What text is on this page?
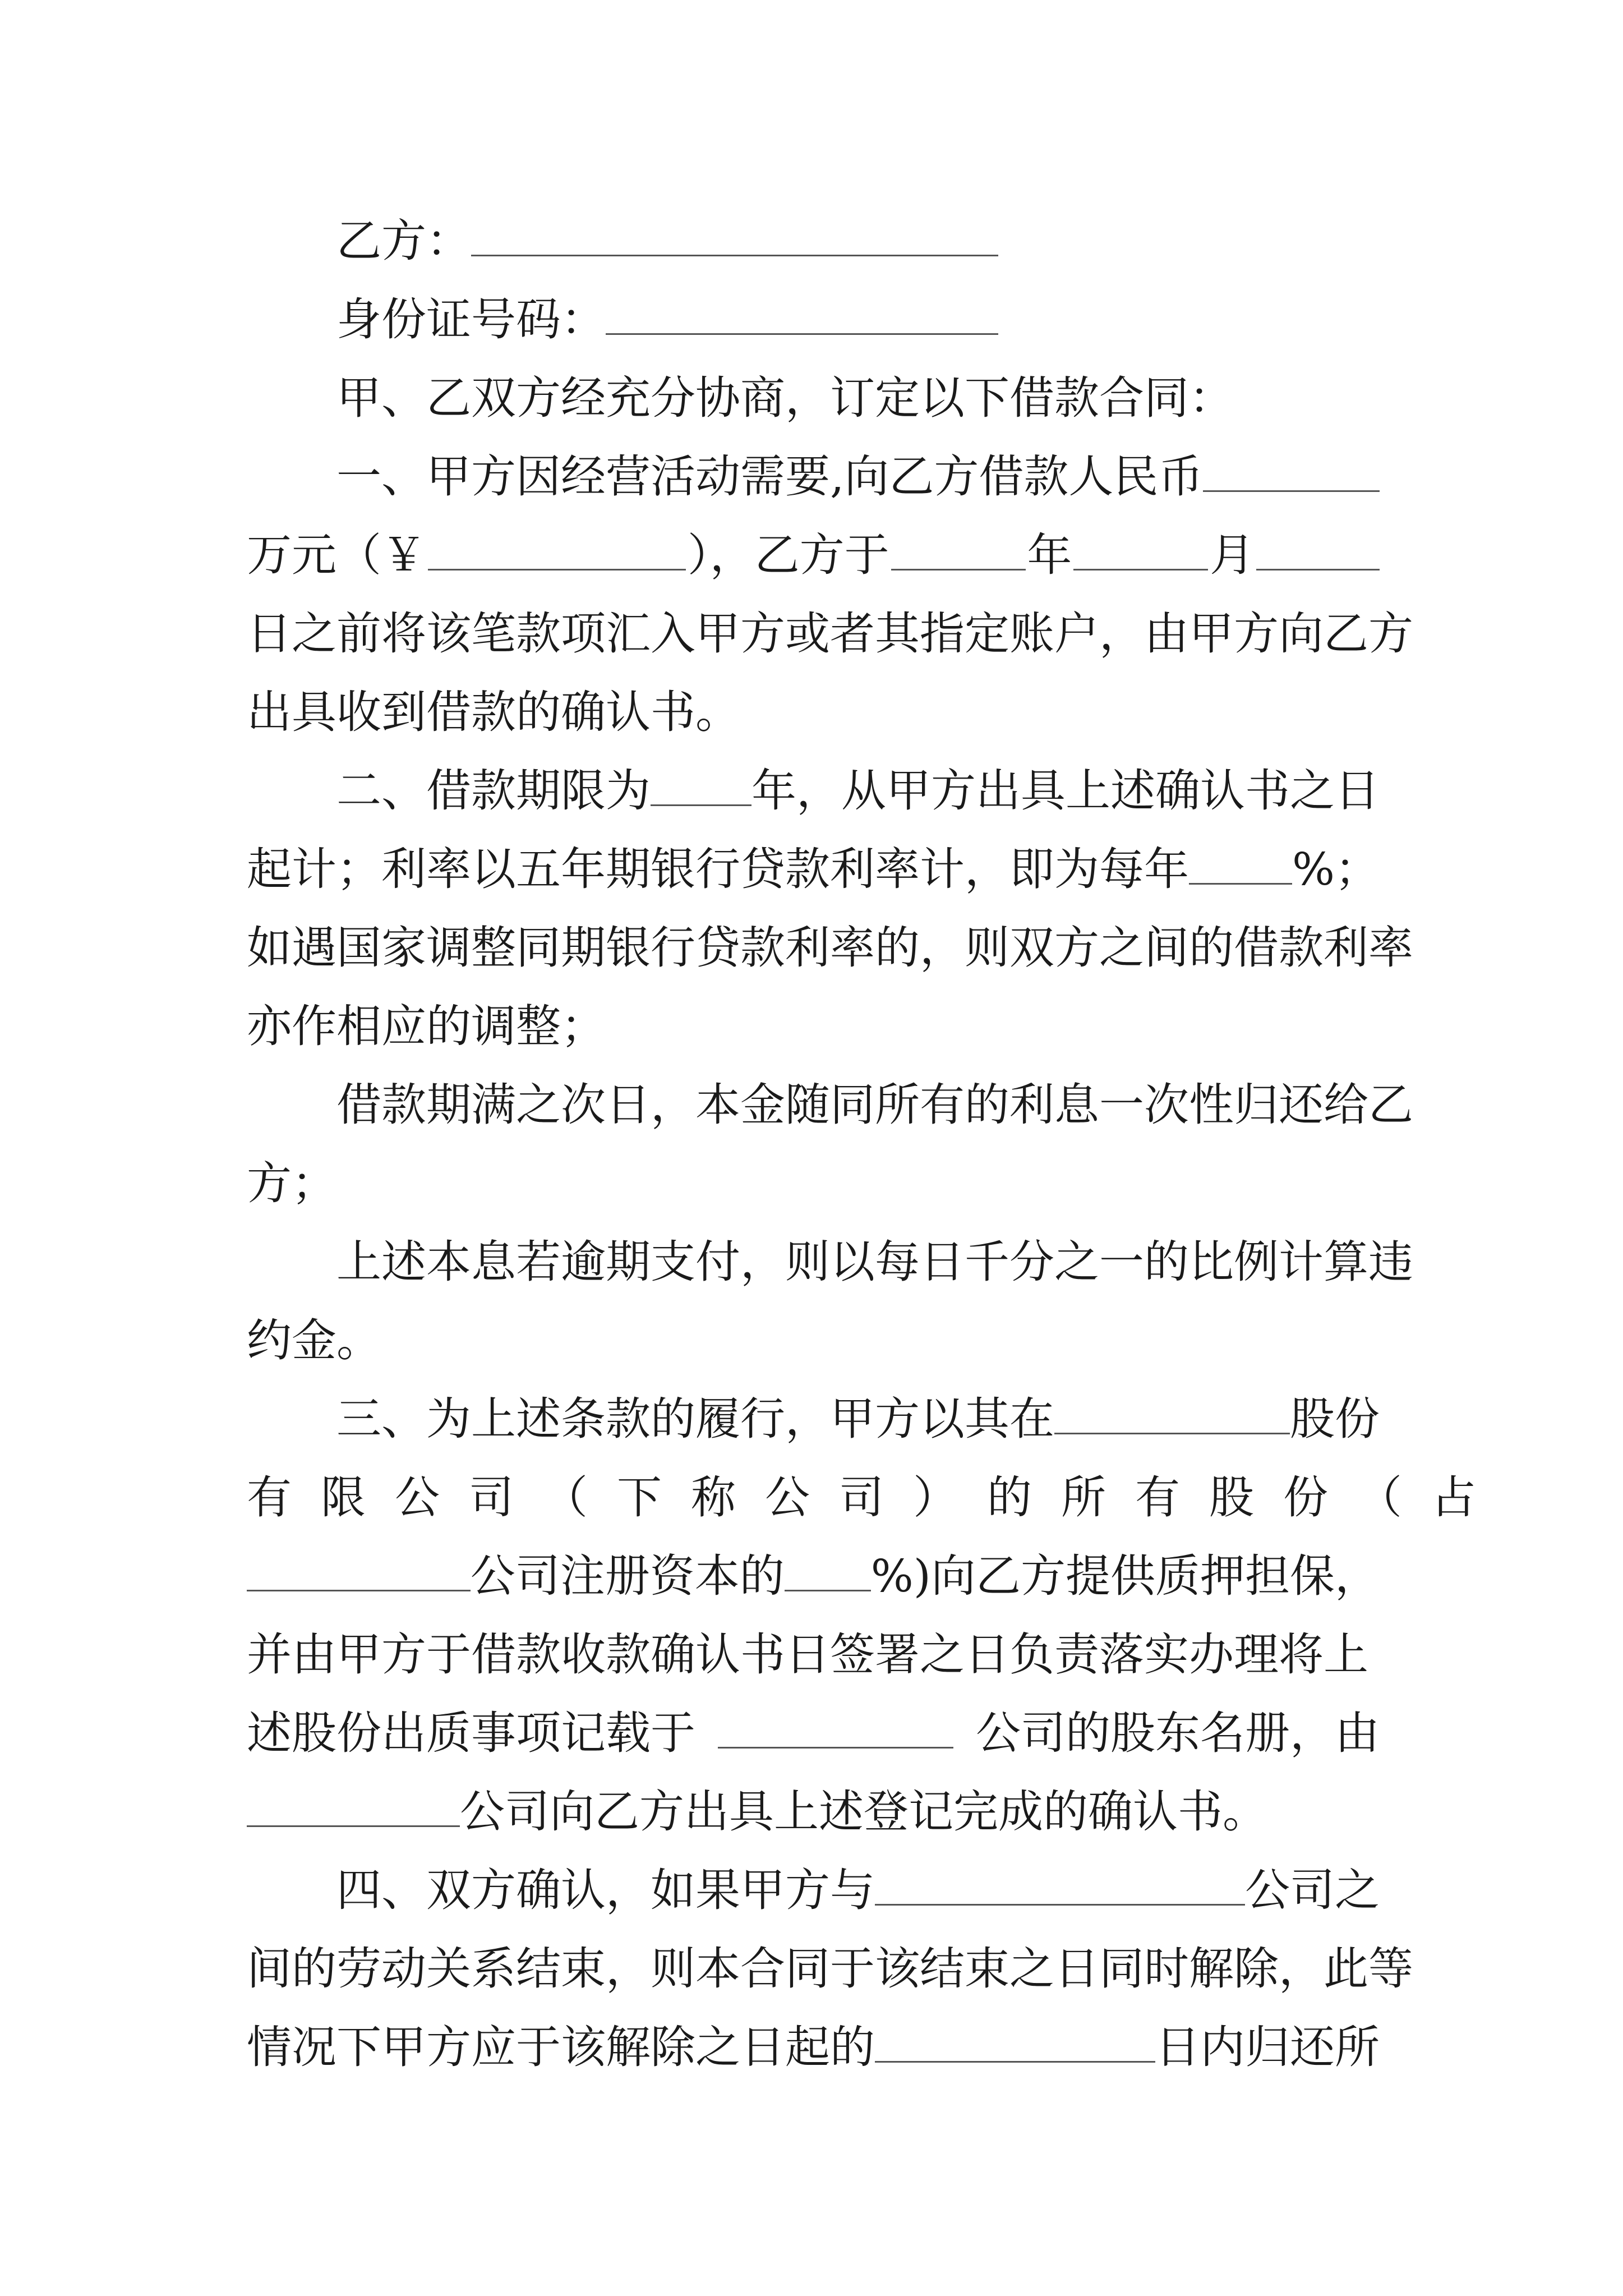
乙方：
身份证号码：
甲、乙双方经充分协商，订定以下借款合同：
一、甲方因经营活动需要,向乙方借款人民币
万元（￥	），乙方于	年	月
日之前将该笔款项汇入甲方或者其指定账户，由甲方向乙方
出具收到借款的确认书。
二、借款期限为 年，从甲方出具上述确认书之日
起计；利率以五年期银行贷款利率计，即为每年 %；
如遇国家调整同期银行贷款利率的，则双方之间的借款利率
亦作相应的调整；
借款期满之次日，本金随同所有的利息一次性归还给乙
方；
上述本息若逾期支付，则以每日千分之一的比例计算违
约金。
三、为上述条款的履行，甲方以其在	股份
有限公司（下称 公司）的所有股份（占
公司注册资本的 %)向乙方提供质押担保，
并由甲方于借款收款确认书日签署之日负责落实办理将上
述股份出质事项记载于	公司的股东名册，由
公司向乙方出具上述登记完成的确认书。
四、双方确认，如果甲方与	公司之
间的劳动关系结束，则本合同于该结束之日同时解除，此等
情况下甲方应于该解除之日起的	日内归还所
